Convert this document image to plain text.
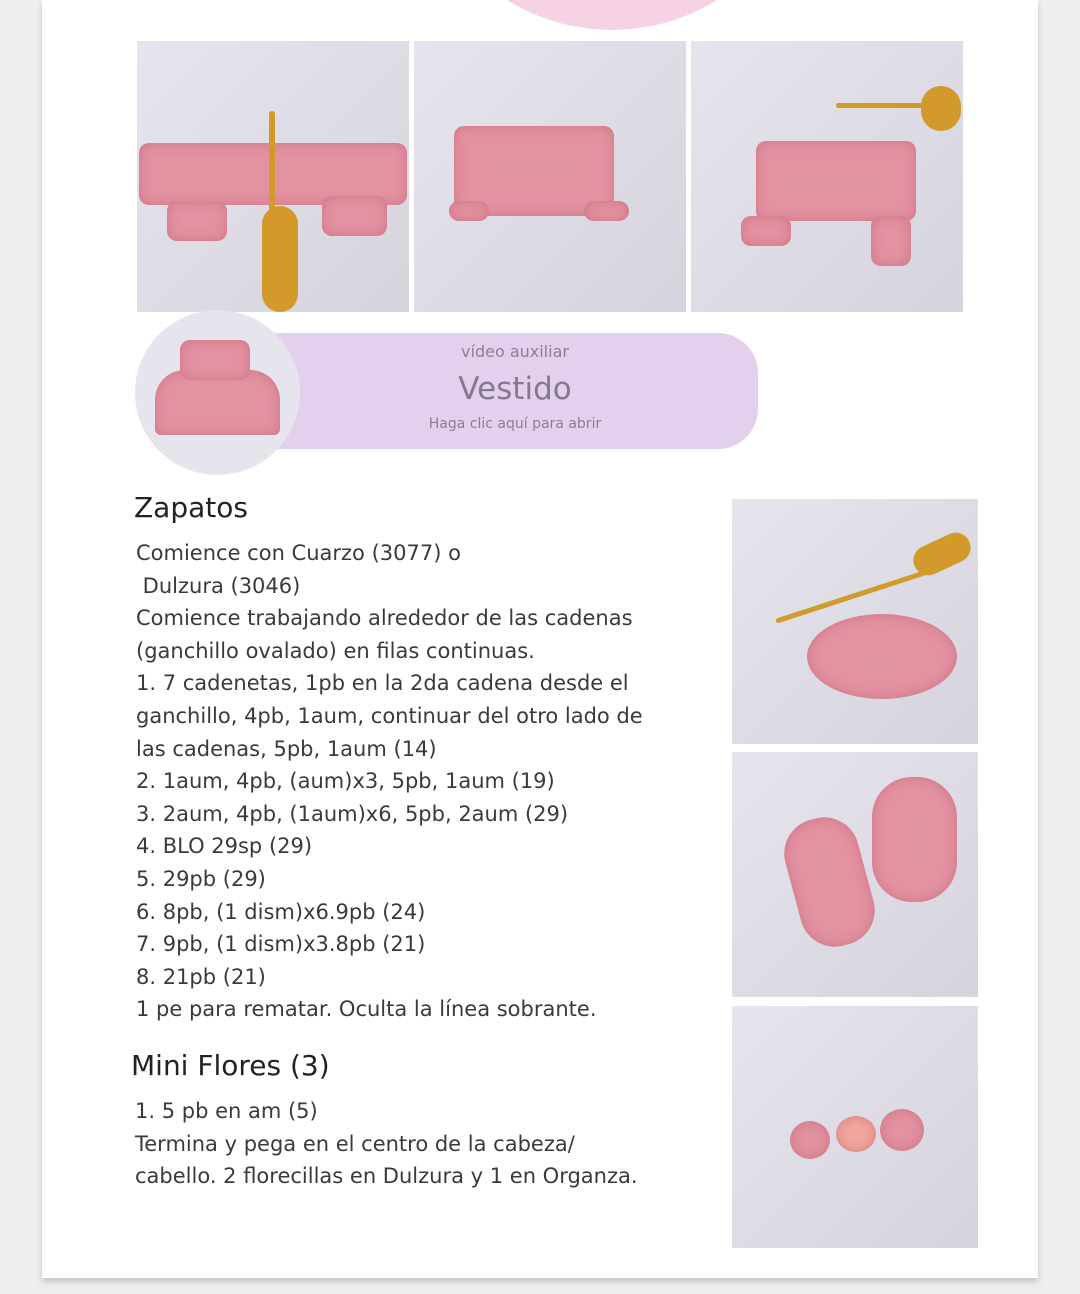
vídeo auxiliar
Vestido
Haga clic aquí para abrir
Zapatos
Comience con Cuarzo (3077) o
Dulzura (3046)
Comience trabajando alrededor de las cadenas
(ganchillo ovalado) en filas continuas.
1. 7 cadenetas, 1pb en la 2da cadena desde el
ganchillo, 4pb, 1aum, continuar del otro lado de
las cadenas, 5pb, 1aum (14)
2. 1aum, 4pb, (aum)x3, 5pb, 1aum (19)
3. 2aum, 4pb, (1aum)x6, 5pb, 2aum (29)
4. BLO 29sp (29)
5. 29pb (29)
6. 8pb, (1 dism)x6.9pb (24)
7. 9pb, (1 dism)x3.8pb (21)
8. 21pb (21)
1 pe para rematar. Oculta la línea sobrante.
Mini Flores (3)
1. 5 pb en am (5)
Termina y pega en el centro de la cabeza/
cabello. 2 florecillas en Dulzura y 1 en Organza.
